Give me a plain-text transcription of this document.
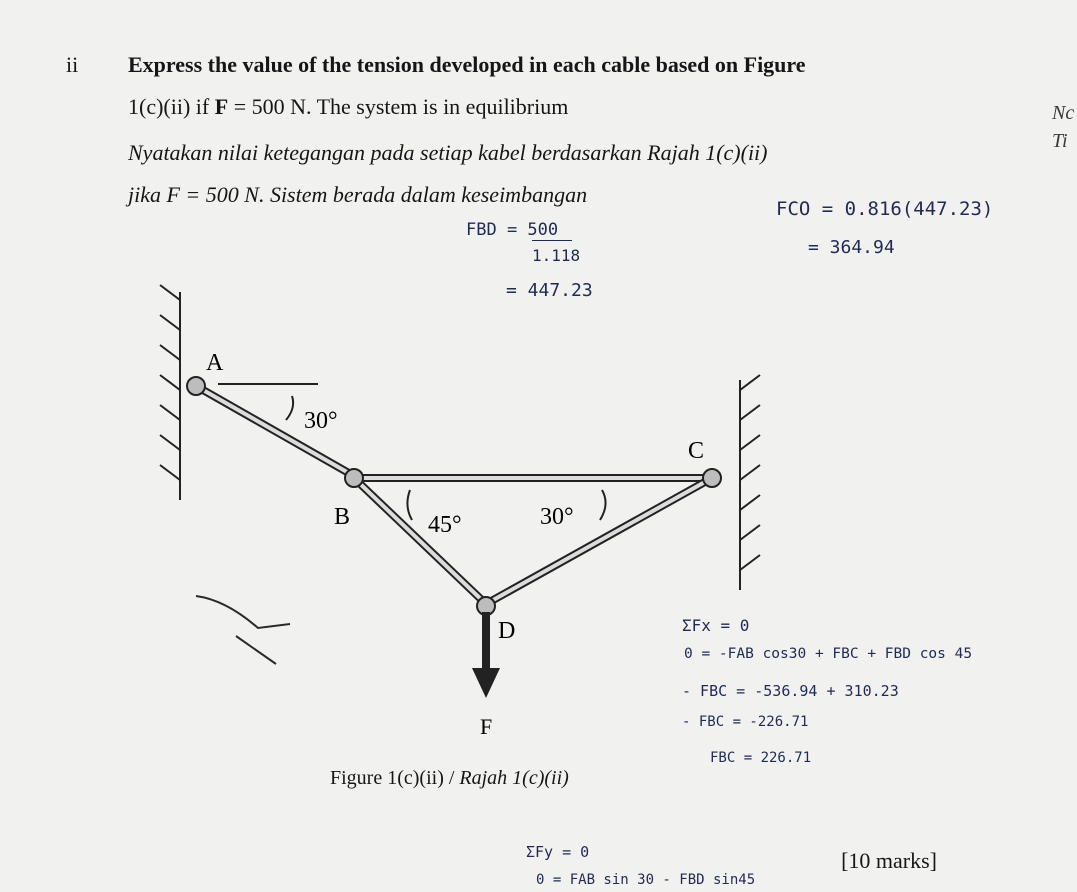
ii Express the value of the tension developed in each cable based on Figure
1(c)(ii) if F = 500 N. The system is in equilibrium
Nyatakan nilai ketegangan pada setiap kabel berdasarkan Rajah 1(c)(ii)
jika F = 500 N. Sistem berada dalam keseimbangan
Nc
Ti
FBD = 500
1.118
= 447.23
FCO = 0.816(447.23)
= 364.94
ΣFx = 0
0 = -FAB cos30 + FBC + FBD cos 45
- FBC = -536.94 + 310.23
- FBC = -226.71
FBC = 226.71
ΣFy = 0
0 = FAB sin 30 - FBD sin45
A
30°
B	45°	30°
C
D
F
Figure 1(c)(ii) / Rajah 1(c)(ii)
[10 marks]
